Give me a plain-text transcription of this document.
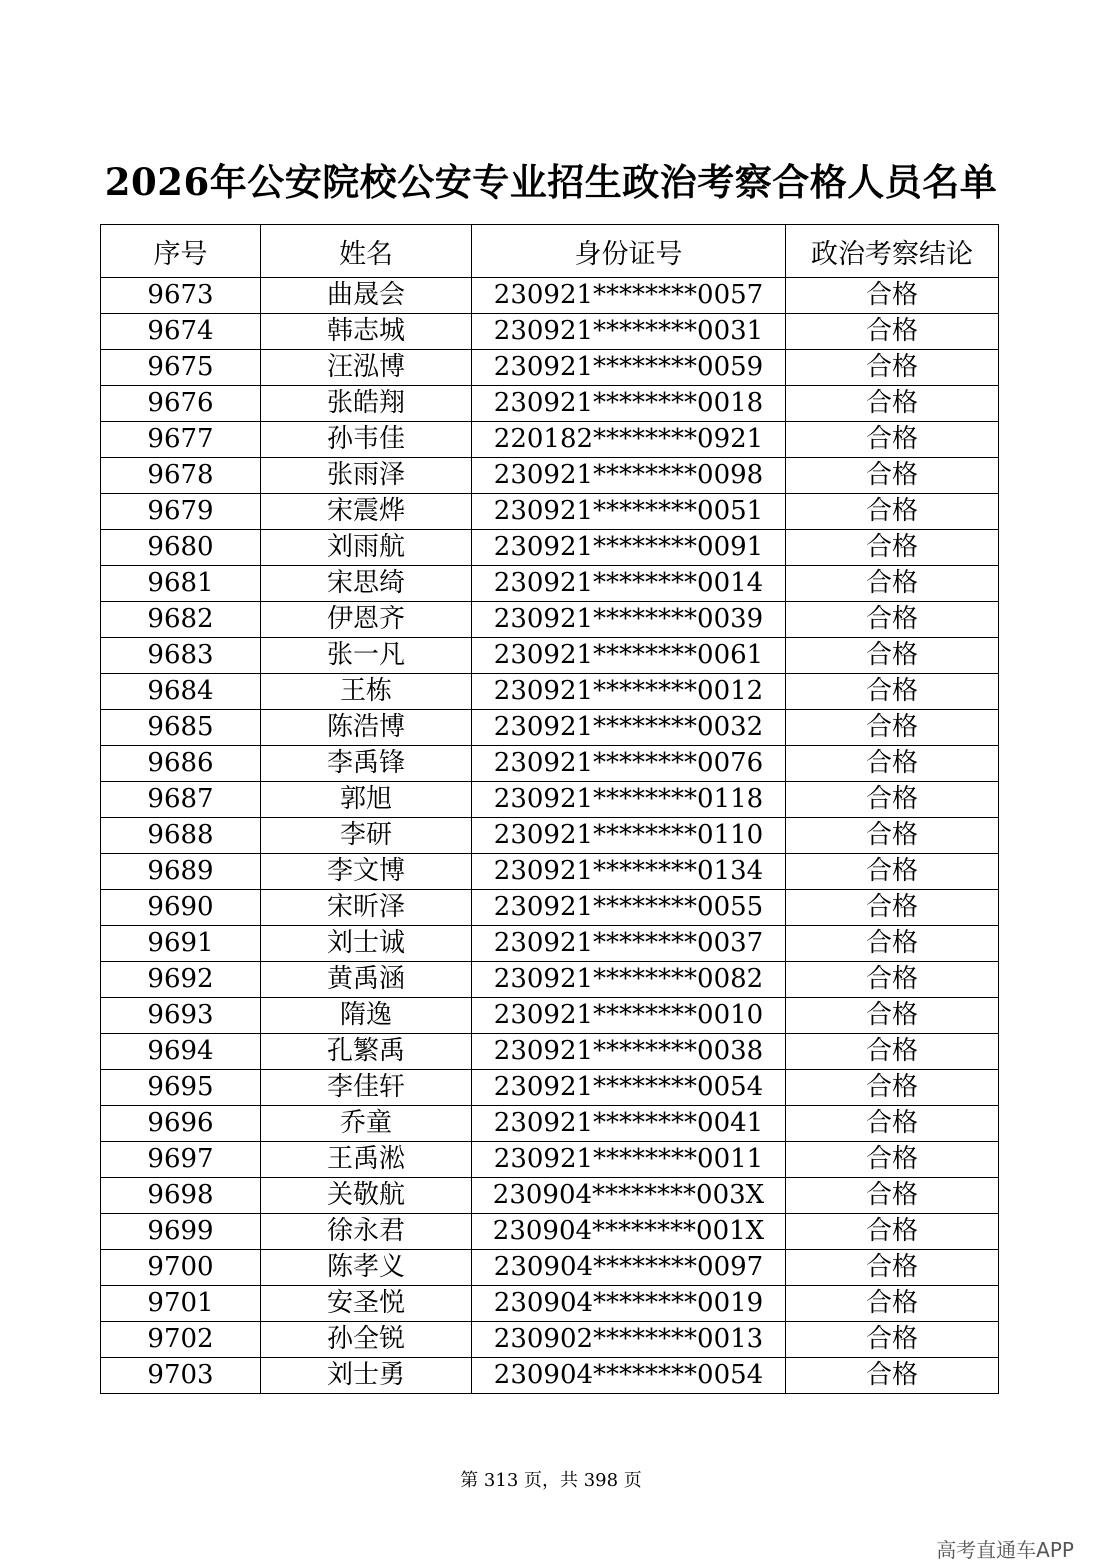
2026年公安院校公安专业招生政治考察合格人员名单
序号	姓名	身份证号	政治考察结论
9673	曲晟会	230921********0057	合格
9674	韩志城	230921********0031	合格
9675	汪泓博	230921********0059	合格
9676	张皓翔	230921********0018	合格
9677	孙韦佳	220182********0921	合格
9678	张雨泽	230921********0098	合格
9679	宋震烨	230921********0051	合格
9680	刘雨航	230921********0091	合格
9681	宋思绮	230921********0014	合格
9682	伊恩齐	230921********0039	合格
9683	张一凡	230921********0061	合格
9684	王栋	230921********0012	合格
9685	陈浩博	230921********0032	合格
9686	李禹锋	230921********0076	合格
9687	郭旭	230921********0118	合格
9688	李研	230921********0110	合格
9689	李文博	230921********0134	合格
9690	宋昕泽	230921********0055	合格
9691	刘士诚	230921********0037	合格
9692	黄禹涵	230921********0082	合格
9693	隋逸	230921********0010	合格
9694	孔繁禹	230921********0038	合格
9695	李佳轩	230921********0054	合格
9696	乔童	230921********0041	合格
9697	王禹淞	230921********0011	合格
9698	关敬航	230904********003X	合格
9699	徐永君	230904********001X	合格
9700	陈孝义	230904********0097	合格
9701	安圣悦	230904********0019	合格
9702	孙全锐	230902********0013	合格
9703	刘士勇	230904********0054	合格
第 313 页，共 398 页
高考直通车APP
